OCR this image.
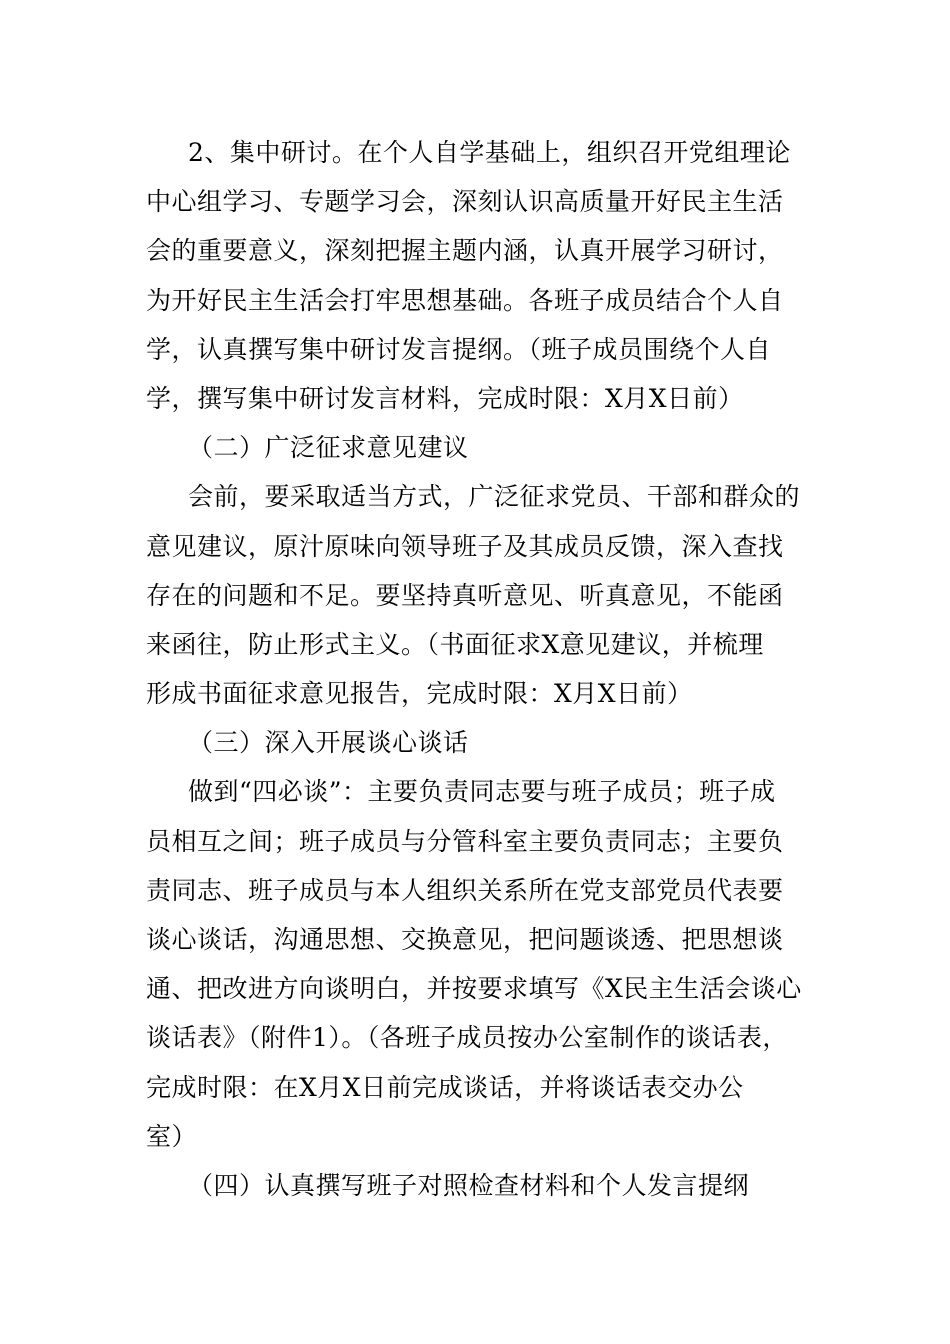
2、集中研讨。在个人自学基础上，组织召开党组理论
中心组学习、专题学习会，深刻认识高质量开好民主生活
会的重要意义，深刻把握主题内涵，认真开展学习研讨，
为开好民主生活会打牢思想基础。各班子成员结合个人自
学，认真撰写集中研讨发言提纲。（班子成员围绕个人自
学，撰写集中研讨发言材料，完成时限：X月X日前）
（二）广泛征求意见建议
会前，要采取适当方式，广泛征求党员、干部和群众的
意见建议，原汁原味向领导班子及其成员反馈，深入查找
存在的问题和不足。要坚持真听意见、听真意见，不能函
来函往，防止形式主义。（书面征求X意见建议，并梳理
形成书面征求意见报告，完成时限：X月X日前）
（三）深入开展谈心谈话
做到“四必谈”：主要负责同志要与班子成员；班子成
员相互之间；班子成员与分管科室主要负责同志；主要负
责同志、班子成员与本人组织关系所在党支部党员代表要
谈心谈话，沟通思想、交换意见，把问题谈透、把思想谈
通、把改进方向谈明白，并按要求填写《X民主生活会谈心
谈话表》（附件1）。（各班子成员按办公室制作的谈话表，
完成时限：在X月X日前完成谈话，并将谈话表交办公
室）
（四）认真撰写班子对照检查材料和个人发言提纲
